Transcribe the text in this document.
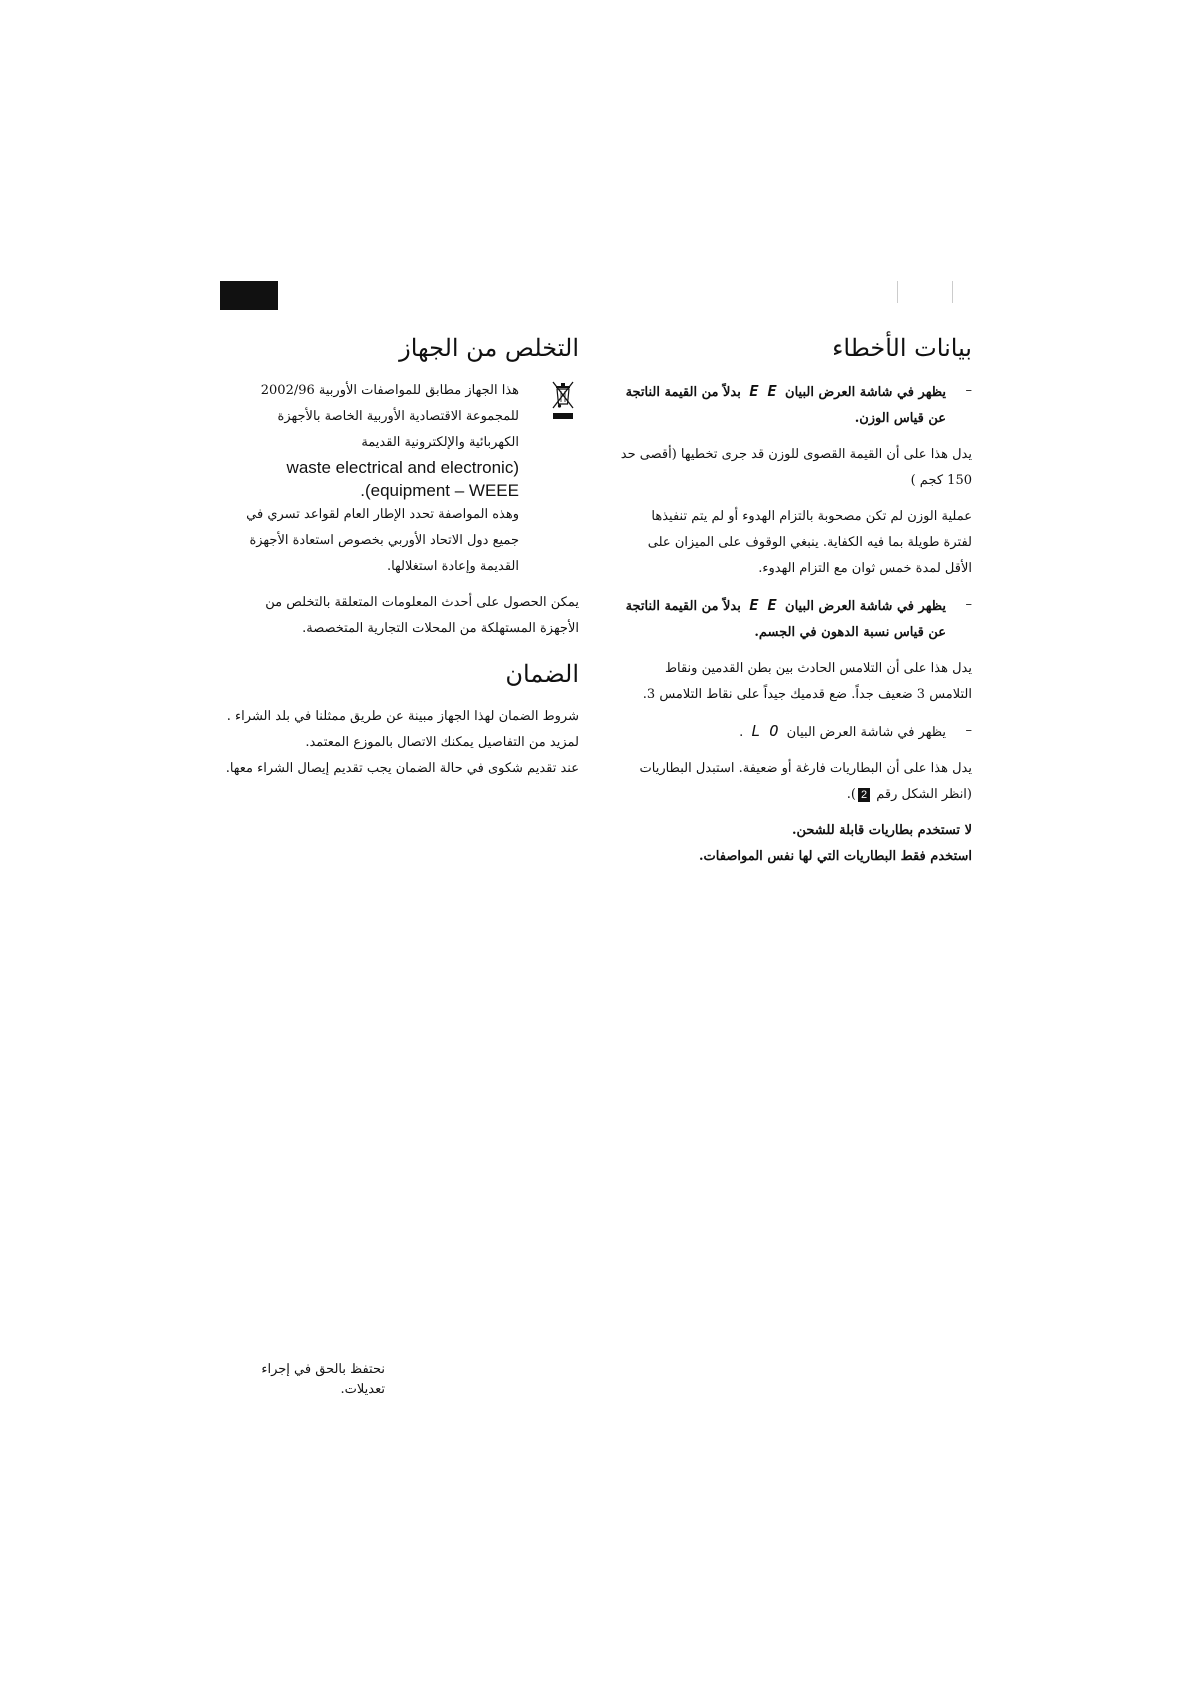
بيانات الأخطاء
–

يظهر في شاشة العرض البيان E E بدلاً من القيمة الناتجة عن قياس الوزن.

يدل هذا على أن القيمة القصوى للوزن قد جرى تخطيها (أقصى حد 150 كجم )

عملية الوزن لم تكن مصحوبة بالتزام الهدوء أو لم يتم تنفيذها لفترة طويلة بما فيه الكفاية. ينبغي الوقوف على الميزان على الأقل لمدة خمس ثوان مع التزام الهدوء.

–

يظهر في شاشة العرض البيان E E بدلاً من القيمة الناتجة عن قياس نسبة الدهون في الجسم.

يدل هذا على أن التلامس الحادث بين بطن القدمين ونقاط التلامس 3 ضعيف جداً. ضع قدميك جيداً على نقاط التلامس 3.

–

يظهر في شاشة العرض البيان L O .

يدل هذا على أن البطاريات فارغة أو ضعيفة. استبدل البطاريات (انظر الشكل رقم 2).

لا تستخدم بطاريات قابلة للشحن.

استخدم فقط البطاريات التي لها نفس المواصفات.

التخلص من الجهاز

هذا الجهاز مطابق للمواصفات الأوربية 2002/96 للمجموعة الاقتصادية الأوربية الخاصة بالأجهزة الكهربائية والإلكترونية القديمة

waste electrical and electronic)
.(equipment – WEEE

وهذه المواصفة تحدد الإطار العام لقواعد تسري في جميع دول الاتحاد الأوربي بخصوص استعادة الأجهزة القديمة وإعادة استغلالها.

يمكن الحصول على أحدث المعلومات المتعلقة بالتخلص من الأجهزة المستهلكة من المحلات التجارية المتخصصة.

الضمان

شروط الضمان لهذا الجهاز مبينة عن طريق ممثلنا في بلد الشراء .

لمزيد من التفاصيل يمكنك الاتصال بالموزع المعتمد.

عند تقديم شكوى في حالة الضمان يجب تقديم إيصال الشراء معها.

نحتفظ بالحق في إجراء تعديلات.
